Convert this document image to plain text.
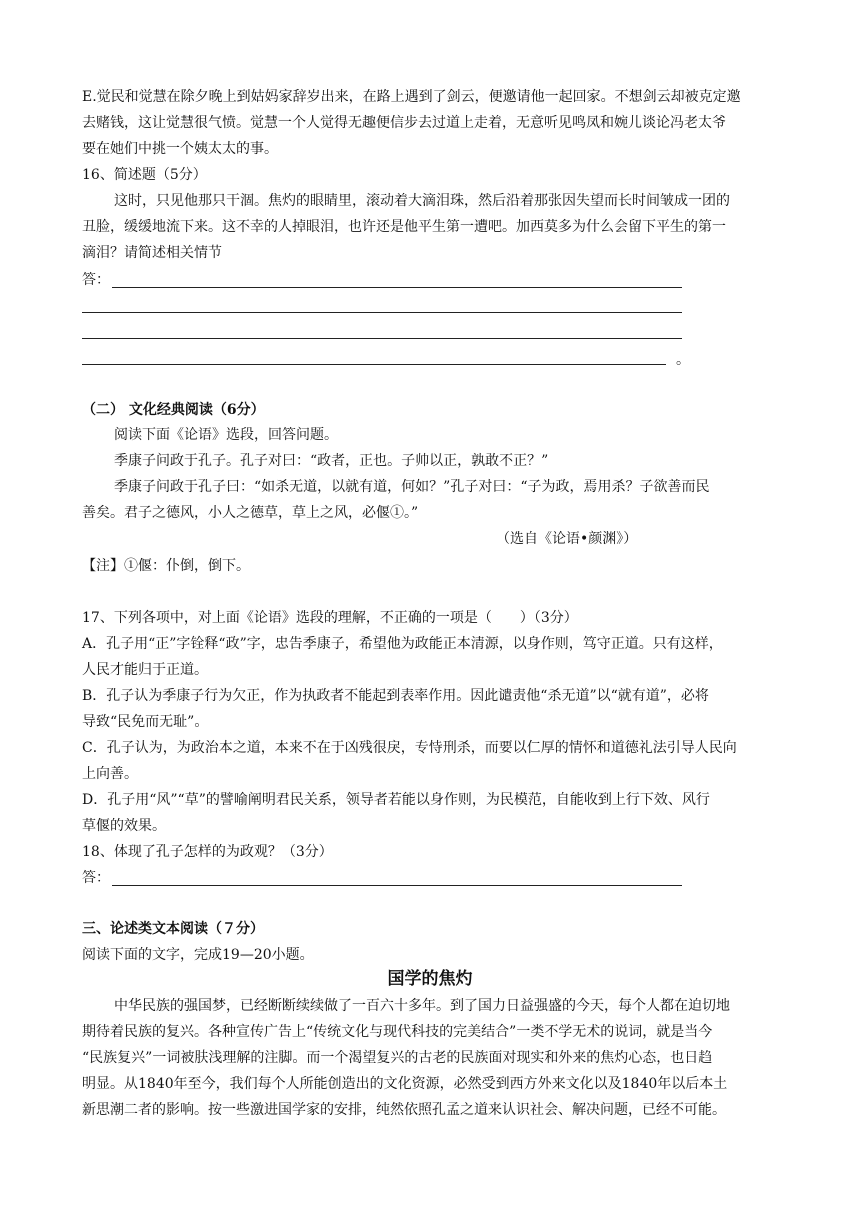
E.觉民和觉慧在除夕晚上到姑妈家辞岁出来，在路上遇到了剑云，便邀请他一起回家。不想剑云却被克定邀
去赌钱，这让觉慧很气愤。觉慧一个人觉得无趣便信步去过道上走着，无意听见鸣凤和婉儿谈论冯老太爷
要在她们中挑一个姨太太的事。
16、简述题（5分）
这时，只见他那只干涸。焦灼的眼睛里，滚动着大滴泪珠，然后沿着那张因失望而长时间皱成一团的
丑脸，缓缓地流下来。这不幸的人掉眼泪，也许还是他平生第一遭吧。加西莫多为什么会留下平生的第一
滴泪？请简述相关情节
答：
。
（二） 文化经典阅读（6分）
阅读下面《论语》选段，回答问题。
季康子问政于孔子。孔子对曰：“政者，正也。子帅以正，孰敢不正？”
季康子问政于孔子曰：“如杀无道，以就有道，何如？”孔子对曰：“子为政，焉用杀？子欲善而民
善矣。君子之德风，小人之德草，草上之风，必偃①。”
（选自《论语•颜渊》）
【注】①偃：仆倒，倒下。
17、下列各项中，对上面《论语》选段的理解，不正确的一项是（　　）（3分）
A．孔子用“正”字铨释“政”字，忠告季康子，希望他为政能正本清源，以身作则，笃守正道。只有这样，
人民才能归于正道。
B．孔子认为季康子行为欠正，作为执政者不能起到表率作用。因此谴责他“杀无道”以“就有道”，必将
导致“民免而无耻”。
C．孔子认为，为政治本之道，本来不在于凶残很戾，专恃刑杀，而要以仁厚的情怀和道德礼法引导人民向
上向善。
D．孔子用“风”“草”的譬喻阐明君民关系，领导者若能以身作则，为民模范，自能收到上行下效、风行
草偃的效果。
18、体现了孔子怎样的为政观？（3分）
答：
三、论述类文本阅读（７分）
阅读下面的文字，完成19—20小题。
国学的焦灼
中华民族的强国梦，已经断断续续做了一百六十多年。到了国力日益强盛的今天，每个人都在迫切地
期待着民族的复兴。各种宣传广告上“传统文化与现代科技的完美结合”一类不学无术的说词，就是当今
“民族复兴”一词被肤浅理解的注脚。而一个渴望复兴的古老的民族面对现实和外来的焦灼心态，也日趋
明显。从1840年至今，我们每个人所能创造出的文化资源，必然受到西方外来文化以及1840年以后本土
新思潮二者的影响。按一些激进国学家的安排，纯然依照孔孟之道来认识社会、解决问题，已经不可能。
